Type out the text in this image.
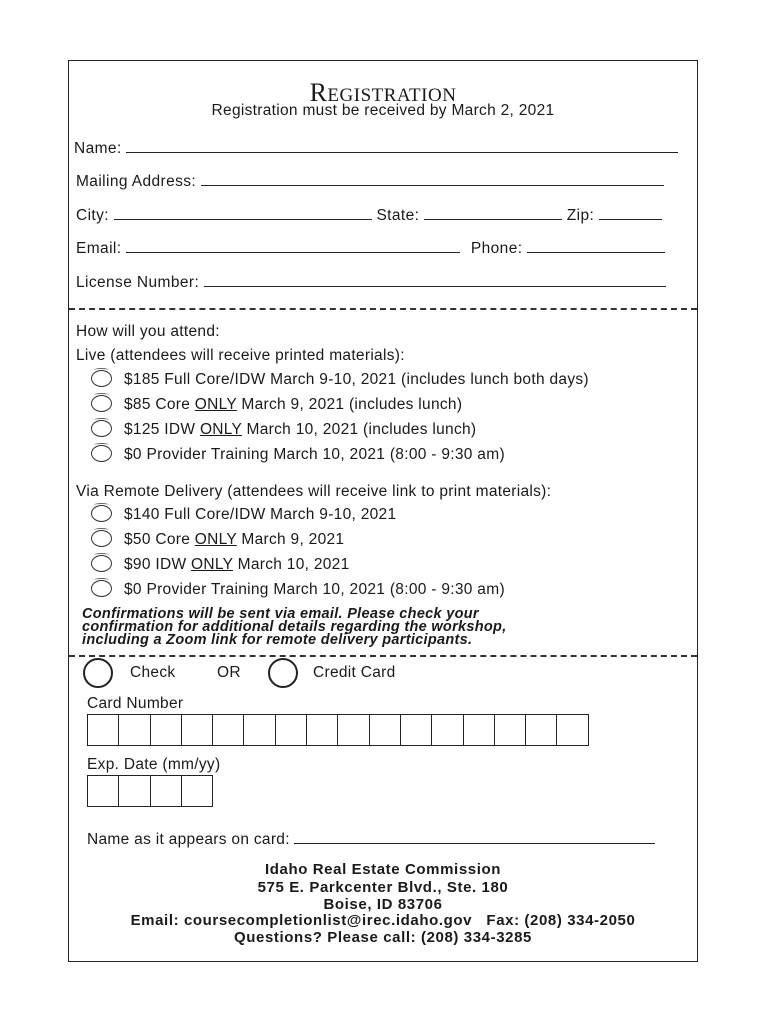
REGISTRATION
Registration must be received by March 2, 2021
Name:
Mailing Address:
City:	State:	Zip:
Email:	Phone:
License Number:
How will you attend:
Live (attendees will receive printed materials):
$185 Full Core/IDW March 9-10, 2021 (includes lunch both days)
$85 Core ONLY March 9, 2021 (includes lunch)
$125 IDW ONLY March 10, 2021 (includes lunch)
$0 Provider Training March 10, 2021 (8:00 - 9:30 am)
Via Remote Delivery (attendees will receive link to print materials):
$140 Full Core/IDW March 9-10, 2021
$50 Core ONLY March 9, 2021
$90 IDW ONLY March 10, 2021
$0 Provider Training March 10, 2021 (8:00 - 9:30 am)
Confirmations will be sent via email. Please check your
confirmation for additional details regarding the workshop,
including a Zoom link for remote delivery participants.
Check	OR	Credit Card
Card Number
Exp. Date (mm/yy)
Name as it appears on card:
Idaho Real Estate Commission
575 E. Parkcenter Blvd., Ste. 180
Boise, ID 83706
Email: coursecompletionlist@irec.idaho.gov   Fax: (208) 334-2050
Questions? Please call: (208) 334-3285
